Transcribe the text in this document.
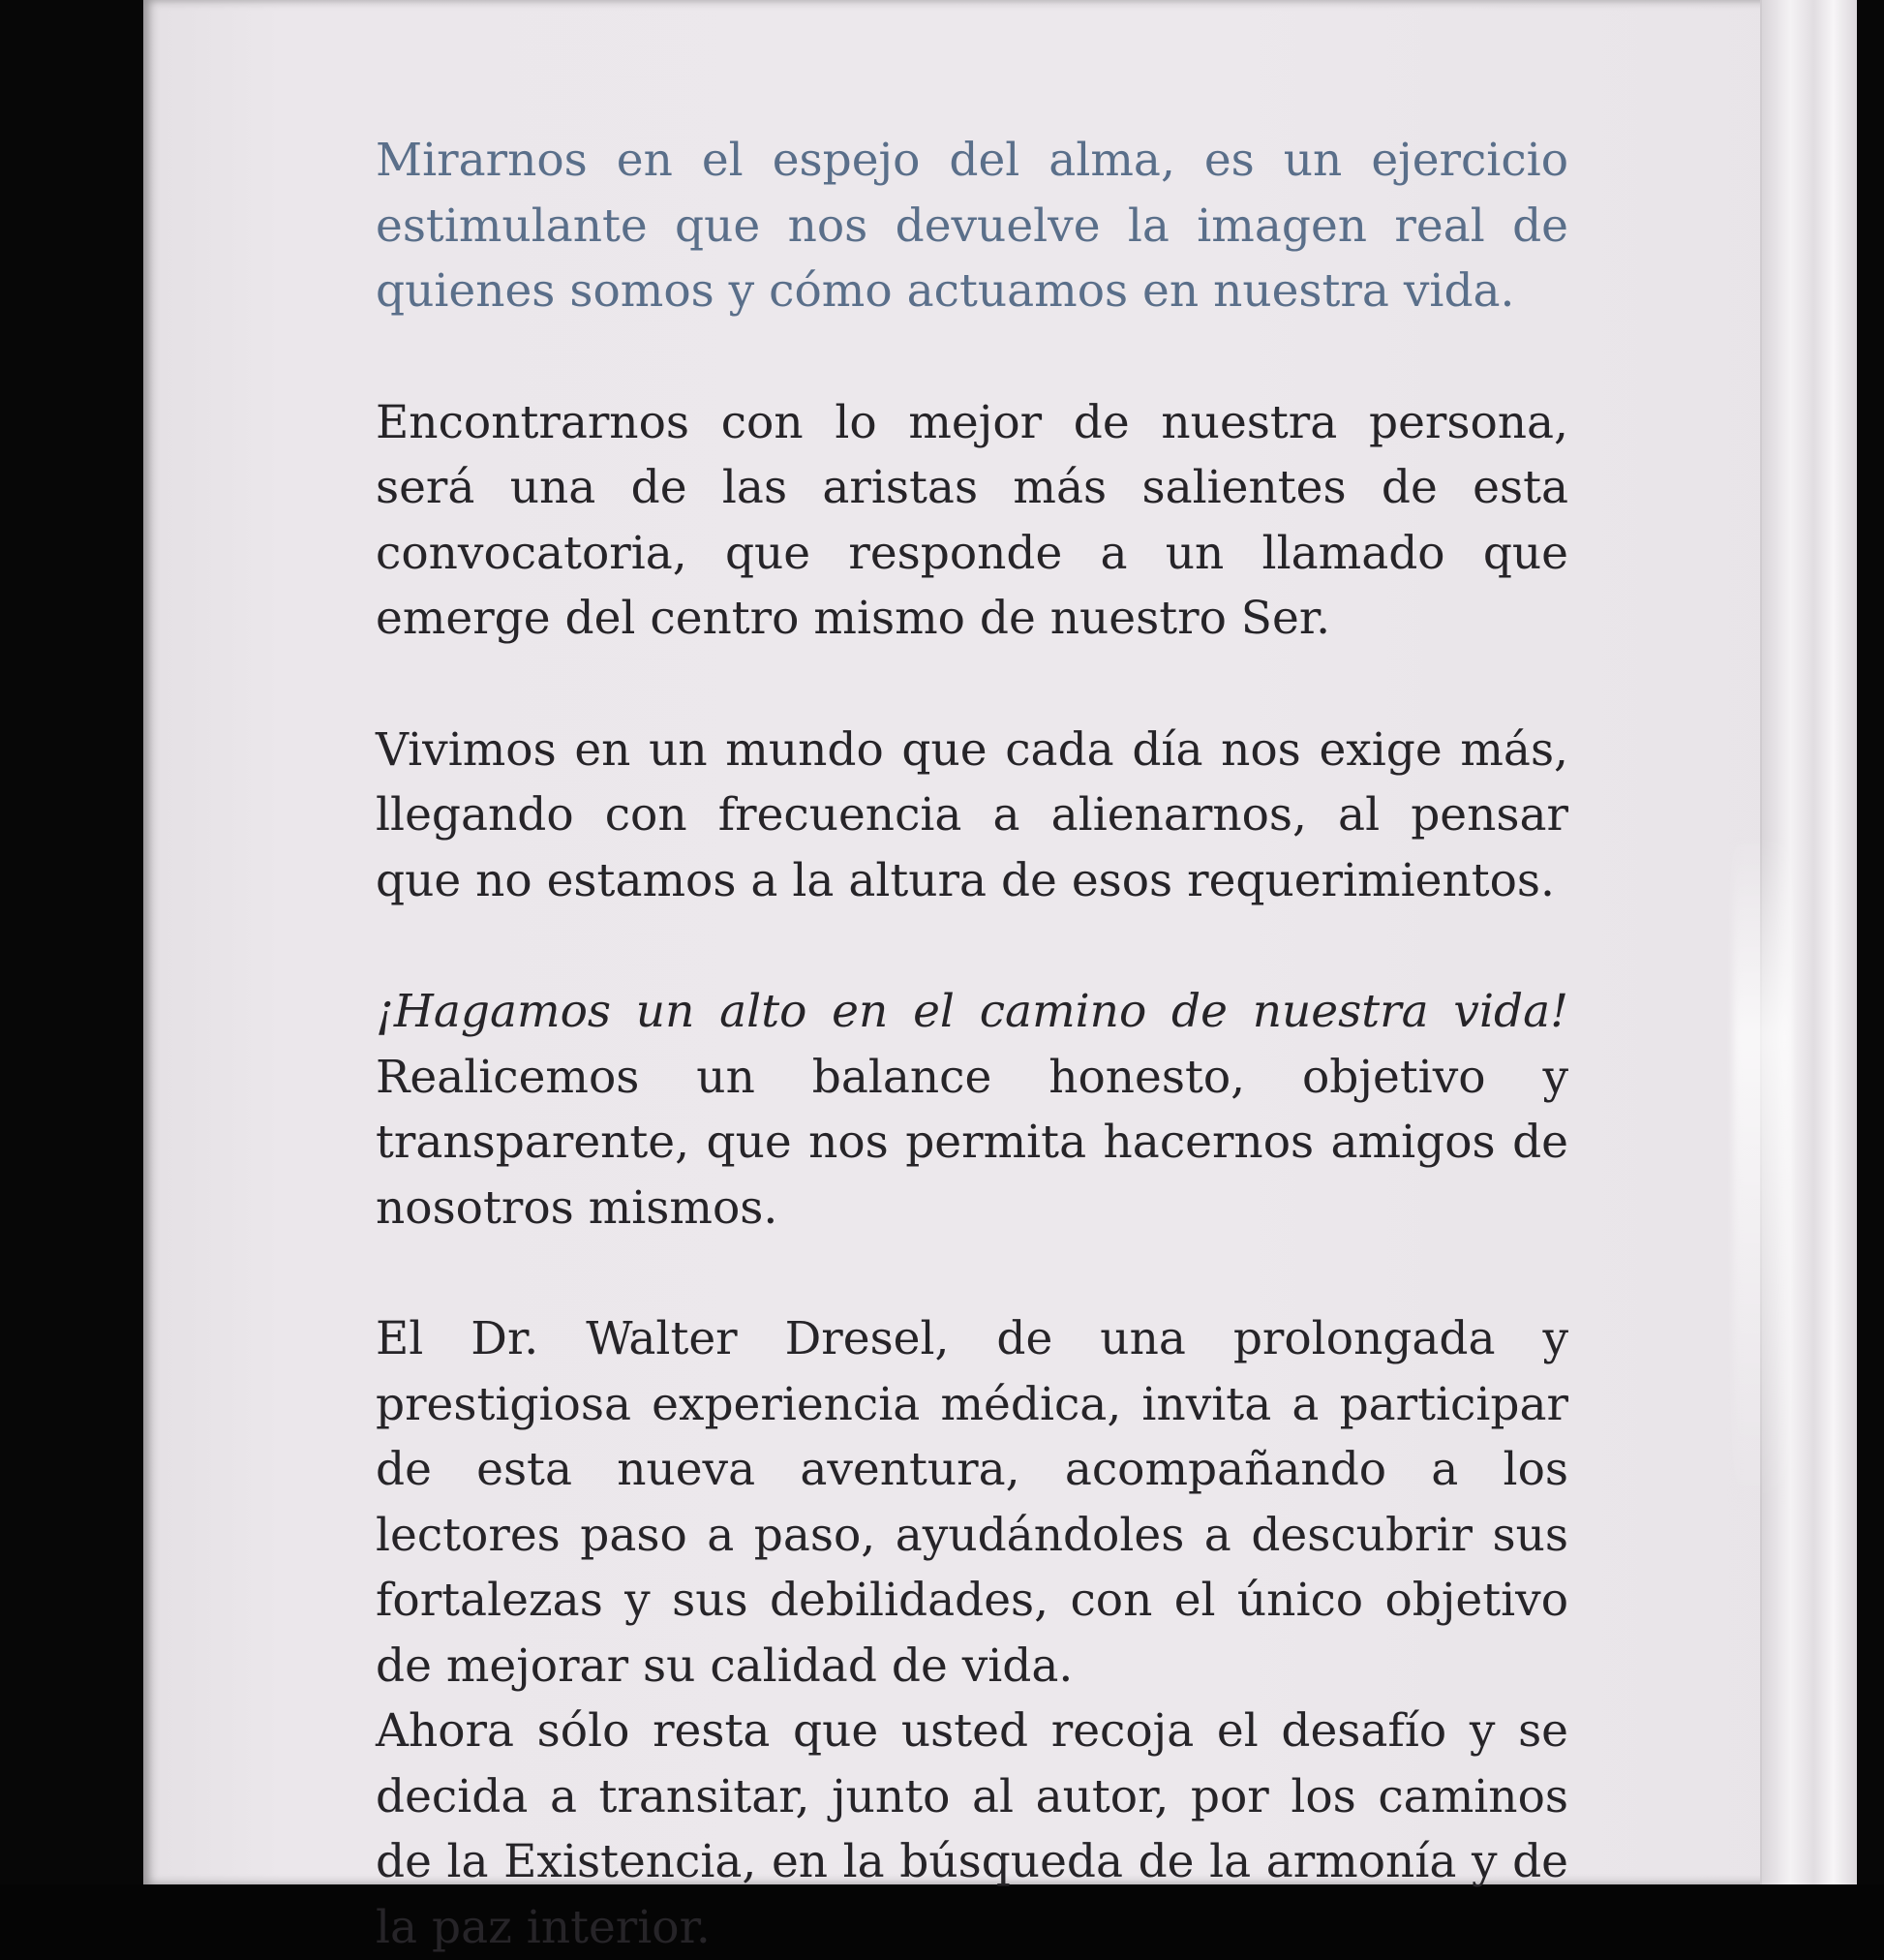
Mirarnos en el espejo del alma, es un ejercicio estimulante que nos devuelve la imagen real de quienes somos y cómo actuamos en nuestra vida.

Encontrarnos con lo mejor de nuestra persona, será una de las aristas más salientes de esta convocatoria, que responde a un llamado que emerge del centro mismo de nuestro Ser.

Vivimos en un mundo que cada día nos exige más, llegando con frecuencia a alienarnos, al pensar que no estamos a la altura de esos requerimientos.

¡Hagamos un alto en el camino de nuestra vida! Realicemos un balance honesto, objetivo y transparente, que nos permita hacernos amigos de nosotros mismos.

El Dr. Walter Dresel, de una prolongada y prestigiosa experiencia médica, invita a participar de esta nueva aventura, acompañando a los lectores paso a paso, ayudándoles a descubrir sus fortalezas y sus debilidades, con el único objetivo de mejorar su calidad de vida.

Ahora sólo resta que usted recoja el desafío y se decida a transitar, junto al autor, por los caminos de la Existencia, en la búsqueda de la armonía y de la paz interior.
